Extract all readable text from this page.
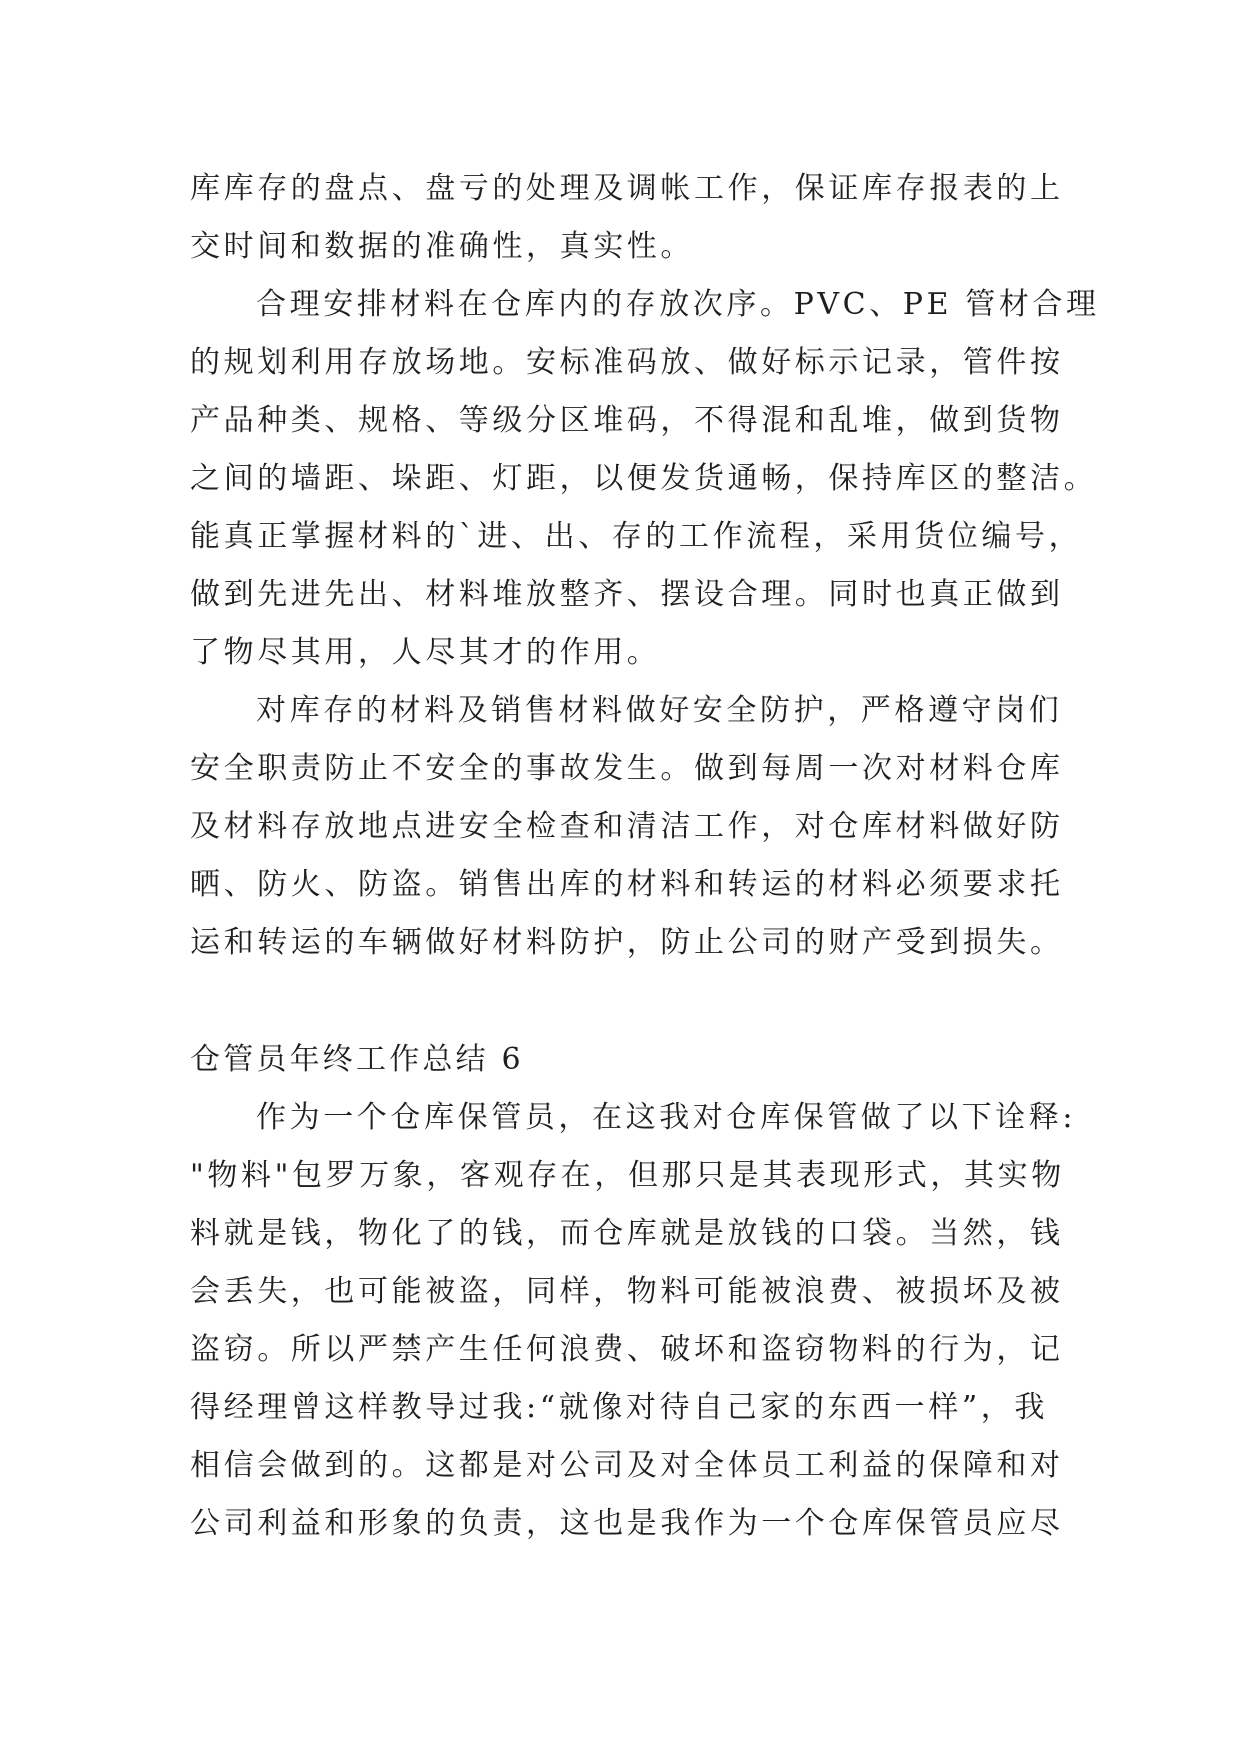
库库存的盘点、盘亏的处理及调帐工作，保证库存报表的上
交时间和数据的准确性，真实性。
合理安排材料在仓库内的存放次序。PVC、PE 管材合理
的规划利用存放场地。安标准码放、做好标示记录，管件按
产品种类、规格、等级分区堆码，不得混和乱堆，做到货物
之间的墙距、垛距、灯距，以便发货通畅，保持库区的整洁。
能真正掌握材料的`进、出、存的工作流程，采用货位编号，
做到先进先出、材料堆放整齐、摆设合理。同时也真正做到
了物尽其用，人尽其才的作用。
对库存的材料及销售材料做好安全防护，严格遵守岗们
安全职责防止不安全的事故发生。做到每周一次对材料仓库
及材料存放地点进安全检查和清洁工作，对仓库材料做好防
晒、防火、防盗。销售出库的材料和转运的材料必须要求托
运和转运的车辆做好材料防护，防止公司的财产受到损失。
仓管员年终工作总结 6
作为一个仓库保管员，在这我对仓库保管做了以下诠释:
"物料"包罗万象，客观存在，但那只是其表现形式，其实物
料就是钱，物化了的钱，而仓库就是放钱的口袋。当然，钱
会丢失，也可能被盗，同样，物料可能被浪费、被损坏及被
盗窃。所以严禁产生任何浪费、破坏和盗窃物料的行为，记
得经理曾这样教导过我:“就像对待自己家的东西一样”，我
相信会做到的。这都是对公司及对全体员工利益的保障和对
公司利益和形象的负责，这也是我作为一个仓库保管员应尽
